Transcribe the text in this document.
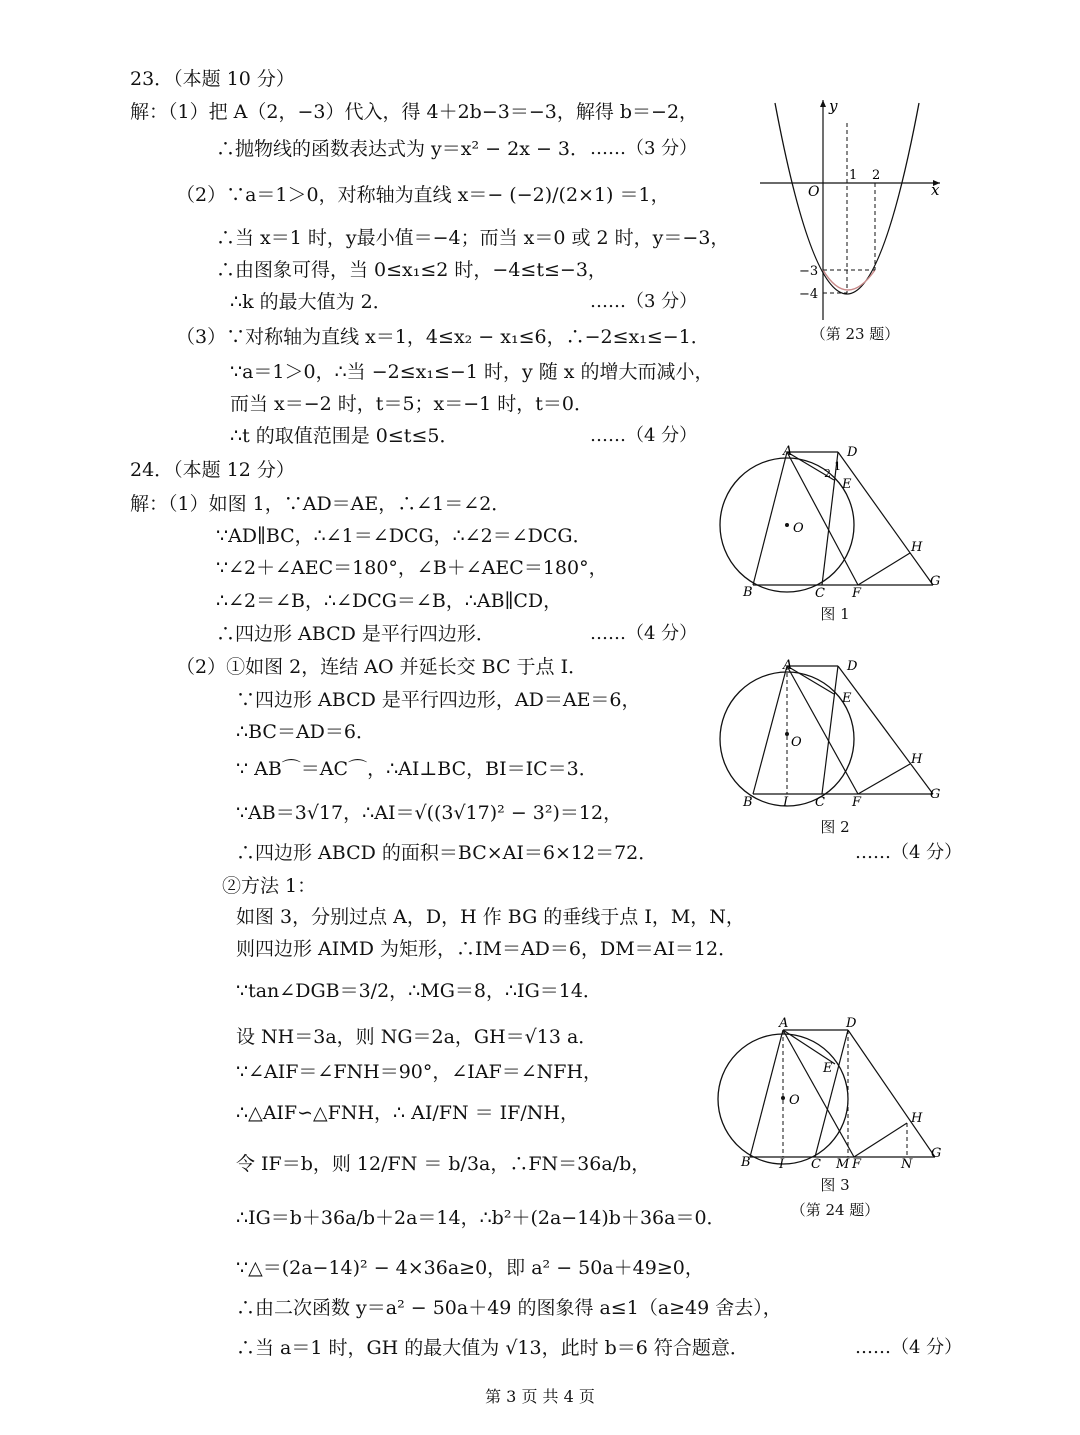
23．（本题 10 分）
解：（1）把 A（2，−3）代入，得 4＋2b−3＝−3，解得 b＝−2，
∴抛物线的函数表达式为 y＝x² − 2x − 3． ……（3 分）
（2）∵a＝1＞0，对称轴为直线 x＝− (−2)/(2×1) ＝1，
∴当 x＝1 时，y最小值＝−4；而当 x＝0 或 2 时，y＝−3，
∴由图象可得，当 0≤x₁≤2 时，−4≤t≤−3，
∴k 的最大值为 2．	……（3 分）
（3）∵对称轴为直线 x＝1，4≤x₂ − x₁≤6，∴−2≤x₁≤−1．
∵a＝1＞0，∴当 −2≤x₁≤−1 时，y 随 x 的增大而减小，
而当 x＝−2 时，t＝5；x＝−1 时，t＝0．
∴t 的取值范围是 0≤t≤5．	……（4 分）
y
x
O
1 2
−3
−4
（第 23 题）
24．（本题 12 分）
解：（1）如图 1，∵AD＝AE，∴∠1＝∠2．
∵AD∥BC，∴∠1＝∠DCG，∴∠2＝∠DCG．
∵∠2＋∠AEC＝180°，∠B＋∠AEC＝180°，
∴∠2＝∠B，∴∠DCG＝∠B，∴AB∥CD，
∴四边形 ABCD 是平行四边形．	……（4 分）
（2）①如图 2，连结 AO 并延长交 BC 于点 I．
∵四边形 ABCD 是平行四边形，AD＝AE＝6，
∴BC＝AD＝6．
∵ AB⌒＝AC⌒，∴AI⊥BC，BI＝IC＝3．
∵AB＝3√17，∴AI＝√((3√17)² − 3²)＝12，
∴四边形 ABCD 的面积＝BC×AI＝6×12＝72．	……（4 分）
②方法 1：
如图 3，分别过点 A，D，H 作 BG 的垂线于点 I，M，N，
则四边形 AIMD 为矩形，∴IM＝AD＝6，DM＝AI＝12．
∵tan∠DGB＝3/2，∴MG＝8，∴IG＝14．
设 NH＝3a，则 NG＝2a，GH＝√13 a．
∵∠AIF＝∠FNH＝90°，∠IAF＝∠NFH，
∴△AIF∽△FNH，∴ AI/FN ＝ IF/NH，
令 IF＝b，则 12/FN ＝ b/3a，∴FN＝36a/b，
∴IG＝b＋36a/b＋2a＝14，∴b²＋(2a−14)b＋36a＝0．
∵△＝(2a−14)² − 4×36a≥0，即 a² − 50a＋49≥0，
∴由二次函数 y＝a² − 50a＋49 的图象得 a≤1（a≥49 舍去），
∴当 a＝1 时，GH 的最大值为 √13，此时 b＝6 符合题意．	……（4 分）
A	D
E
2
1
O
H
G
B	C F
图 1
A	D
E
O
H
G
B I C F
图 2
A	D
E
O
H
G
B I C M F	N
图 3
（第 24 题）
第 3 页 共 4 页
